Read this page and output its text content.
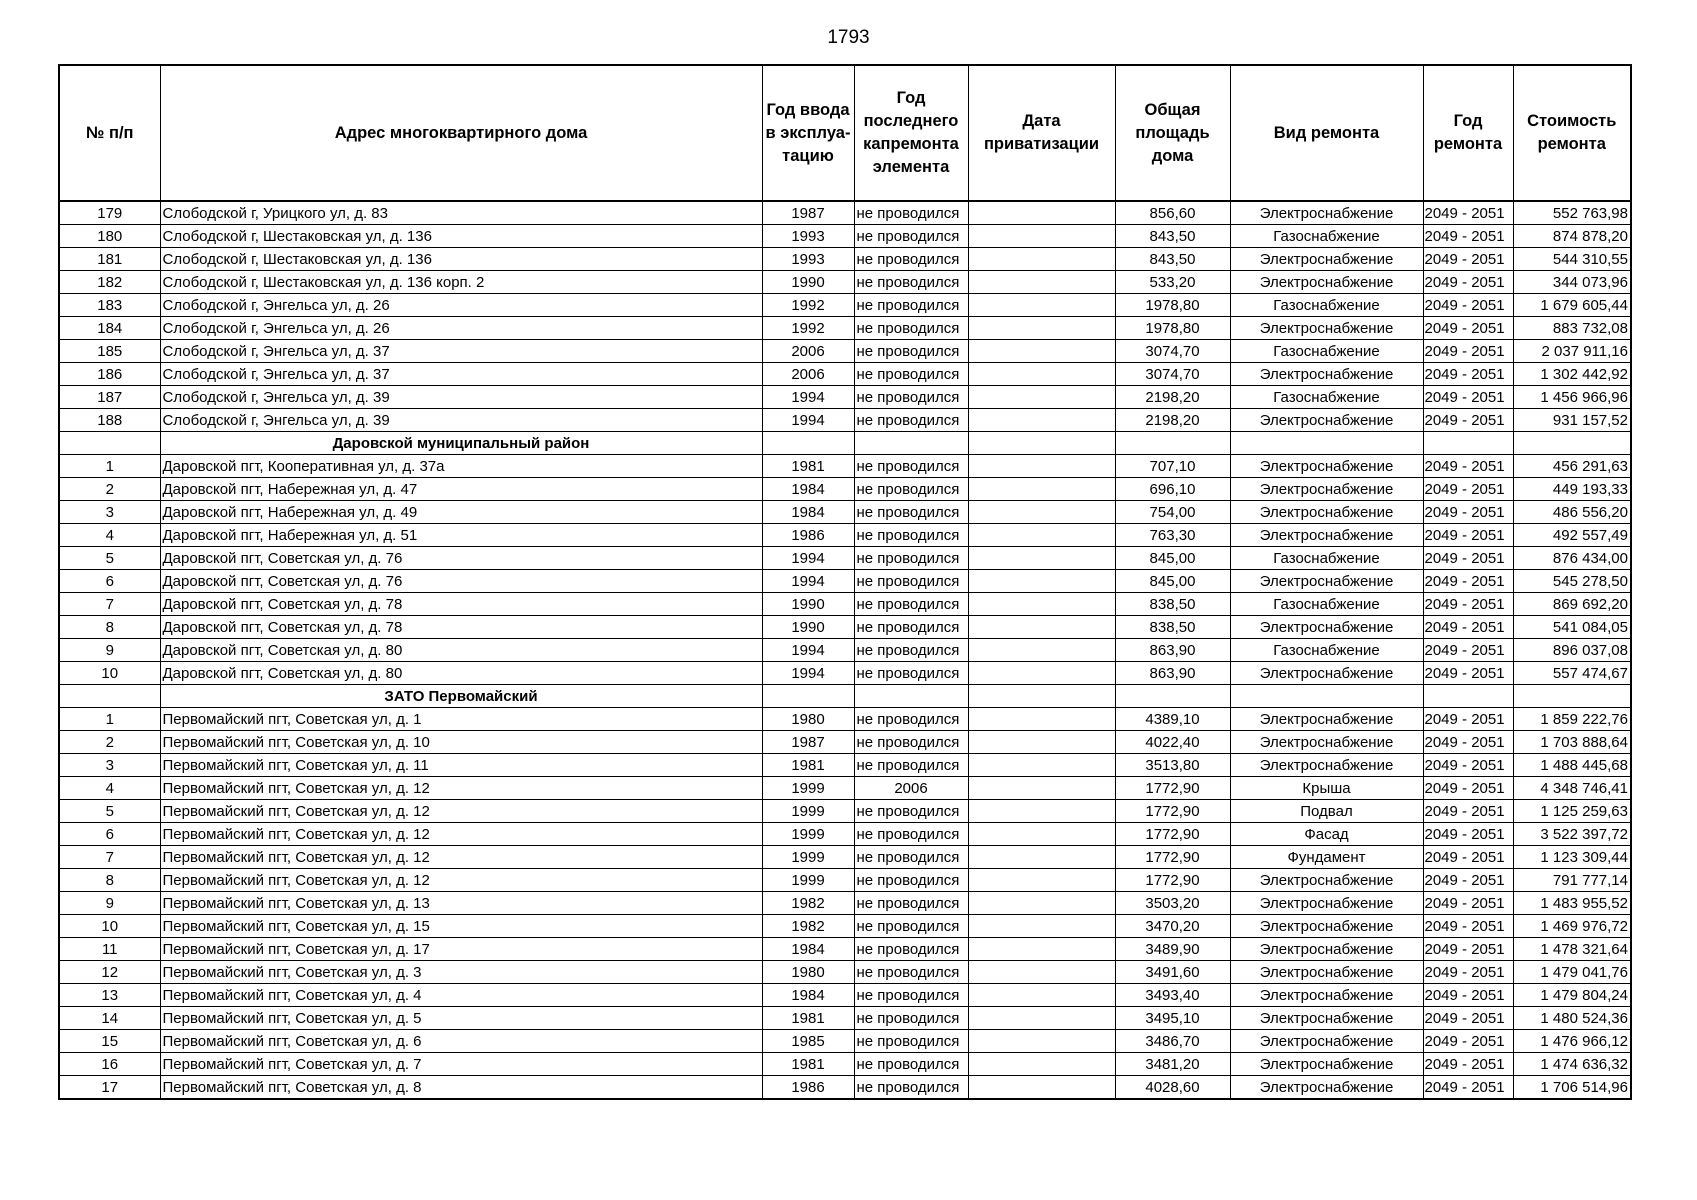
1793
№ п/п	Адрес многоквартирного дома	Год ввода в эксплуа-тацию	Год последнего капремонта элемента	Дата приватизации	Общая площадь дома	Вид ремонта	Год ремонта	Стоимость ремонта
179	Слободской г, Урицкого ул, д. 83	1987	не проводился		856,60	Электроснабжение	2049 - 2051	552 763,98
180	Слободской г, Шестаковская ул, д. 136	1993	не проводился		843,50	Газоснабжение	2049 - 2051	874 878,20
181	Слободской г, Шестаковская ул, д. 136	1993	не проводился		843,50	Электроснабжение	2049 - 2051	544 310,55
182	Слободской г, Шестаковская ул, д. 136 корп. 2	1990	не проводился		533,20	Электроснабжение	2049 - 2051	344 073,96
183	Слободской г, Энгельса ул, д. 26	1992	не проводился		1978,80	Газоснабжение	2049 - 2051	1 679 605,44
184	Слободской г, Энгельса ул, д. 26	1992	не проводился		1978,80	Электроснабжение	2049 - 2051	883 732,08
185	Слободской г, Энгельса ул, д. 37	2006	не проводился		3074,70	Газоснабжение	2049 - 2051	2 037 911,16
186	Слободской г, Энгельса ул, д. 37	2006	не проводился		3074,70	Электроснабжение	2049 - 2051	1 302 442,92
187	Слободской г, Энгельса ул, д. 39	1994	не проводился		2198,20	Газоснабжение	2049 - 2051	1 456 966,96
188	Слободской г, Энгельса ул, д. 39	1994	не проводился		2198,20	Электроснабжение	2049 - 2051	931 157,52
	Даровской муниципальный район							
1	Даровской пгт, Кооперативная ул, д. 37а	1981	не проводился		707,10	Электроснабжение	2049 - 2051	456 291,63
2	Даровской пгт, Набережная ул, д. 47	1984	не проводился		696,10	Электроснабжение	2049 - 2051	449 193,33
3	Даровской пгт, Набережная ул, д. 49	1984	не проводился		754,00	Электроснабжение	2049 - 2051	486 556,20
4	Даровской пгт, Набережная ул, д. 51	1986	не проводился		763,30	Электроснабжение	2049 - 2051	492 557,49
5	Даровской пгт, Советская ул, д. 76	1994	не проводился		845,00	Газоснабжение	2049 - 2051	876 434,00
6	Даровской пгт, Советская ул, д. 76	1994	не проводился		845,00	Электроснабжение	2049 - 2051	545 278,50
7	Даровской пгт, Советская ул, д. 78	1990	не проводился		838,50	Газоснабжение	2049 - 2051	869 692,20
8	Даровской пгт, Советская ул, д. 78	1990	не проводился		838,50	Электроснабжение	2049 - 2051	541 084,05
9	Даровской пгт, Советская ул, д. 80	1994	не проводился		863,90	Газоснабжение	2049 - 2051	896 037,08
10	Даровской пгт, Советская ул, д. 80	1994	не проводился		863,90	Электроснабжение	2049 - 2051	557 474,67
	ЗАТО Первомайский							
1	Первомайский пгт, Советская ул, д. 1	1980	не проводился		4389,10	Электроснабжение	2049 - 2051	1 859 222,76
2	Первомайский пгт, Советская ул, д. 10	1987	не проводился		4022,40	Электроснабжение	2049 - 2051	1 703 888,64
3	Первомайский пгт, Советская ул, д. 11	1981	не проводился		3513,80	Электроснабжение	2049 - 2051	1 488 445,68
4	Первомайский пгт, Советская ул, д. 12	1999	2006		1772,90	Крыша	2049 - 2051	4 348 746,41
5	Первомайский пгт, Советская ул, д. 12	1999	не проводился		1772,90	Подвал	2049 - 2051	1 125 259,63
6	Первомайский пгт, Советская ул, д. 12	1999	не проводился		1772,90	Фасад	2049 - 2051	3 522 397,72
7	Первомайский пгт, Советская ул, д. 12	1999	не проводился		1772,90	Фундамент	2049 - 2051	1 123 309,44
8	Первомайский пгт, Советская ул, д. 12	1999	не проводился		1772,90	Электроснабжение	2049 - 2051	791 777,14
9	Первомайский пгт, Советская ул, д. 13	1982	не проводился		3503,20	Электроснабжение	2049 - 2051	1 483 955,52
10	Первомайский пгт, Советская ул, д. 15	1982	не проводился		3470,20	Электроснабжение	2049 - 2051	1 469 976,72
11	Первомайский пгт, Советская ул, д. 17	1984	не проводился		3489,90	Электроснабжение	2049 - 2051	1 478 321,64
12	Первомайский пгт, Советская ул, д. 3	1980	не проводился		3491,60	Электроснабжение	2049 - 2051	1 479 041,76
13	Первомайский пгт, Советская ул, д. 4	1984	не проводился		3493,40	Электроснабжение	2049 - 2051	1 479 804,24
14	Первомайский пгт, Советская ул, д. 5	1981	не проводился		3495,10	Электроснабжение	2049 - 2051	1 480 524,36
15	Первомайский пгт, Советская ул, д. 6	1985	не проводился		3486,70	Электроснабжение	2049 - 2051	1 476 966,12
16	Первомайский пгт, Советская ул, д. 7	1981	не проводился		3481,20	Электроснабжение	2049 - 2051	1 474 636,32
17	Первомайский пгт, Советская ул, д. 8	1986	не проводился		4028,60	Электроснабжение	2049 - 2051	1 706 514,96
